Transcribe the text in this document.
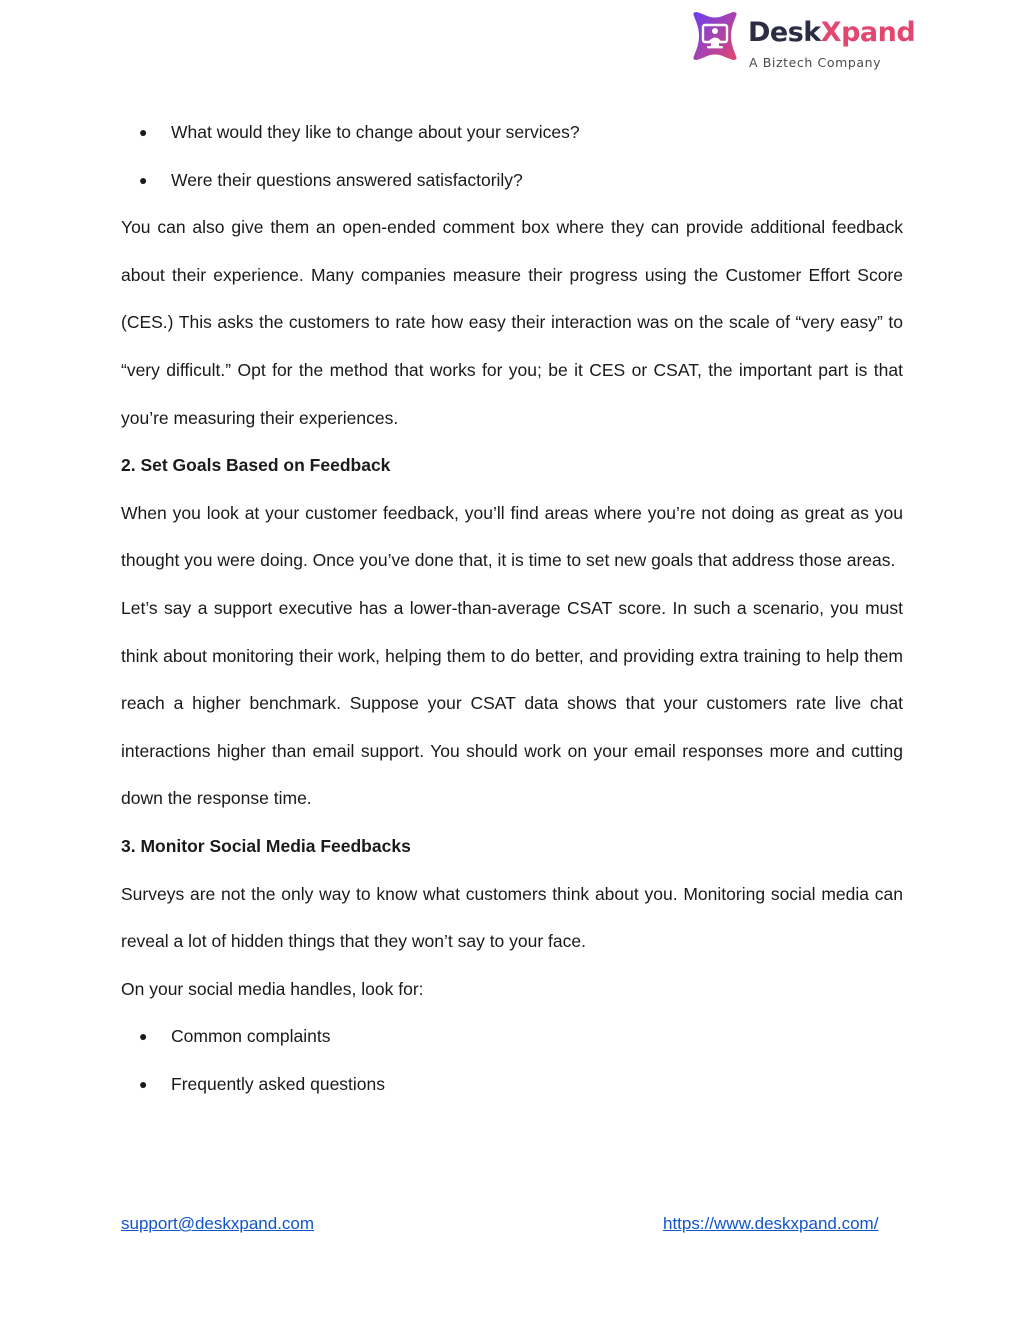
DeskXpand
A Biztech Company

● What would they like to change about your services?

● Were their questions answered satisfactorily?

You can also give them an open-ended comment box where they can provide additional feedback about their experience. Many companies measure their progress using the Customer Effort Score (CES.) This asks the customers to rate how easy their interaction was on the scale of “very easy” to “very difficult.” Opt for the method that works for you; be it CES or CSAT, the important part is that you’re measuring their experiences.

2. Set Goals Based on Feedback

When you look at your customer feedback, you’ll find areas where you’re not doing as great as you thought you were doing. Once you’ve done that, it is time to set new goals that address those areas.

Let’s say a support executive has a lower-than-average CSAT score. In such a scenario, you must think about monitoring their work, helping them to do better, and providing extra training to help them reach a higher benchmark. Suppose your CSAT data shows that your customers rate live chat interactions higher than email support. You should work on your email responses more and cutting down the response time.

3. Monitor Social Media Feedbacks

Surveys are not the only way to know what customers think about you. Monitoring social media can reveal a lot of hidden things that they won’t say to your face.

On your social media handles, look for:

● Common complaints

● Frequently asked questions

support@deskxpand.com	https://www.deskxpand.com/
